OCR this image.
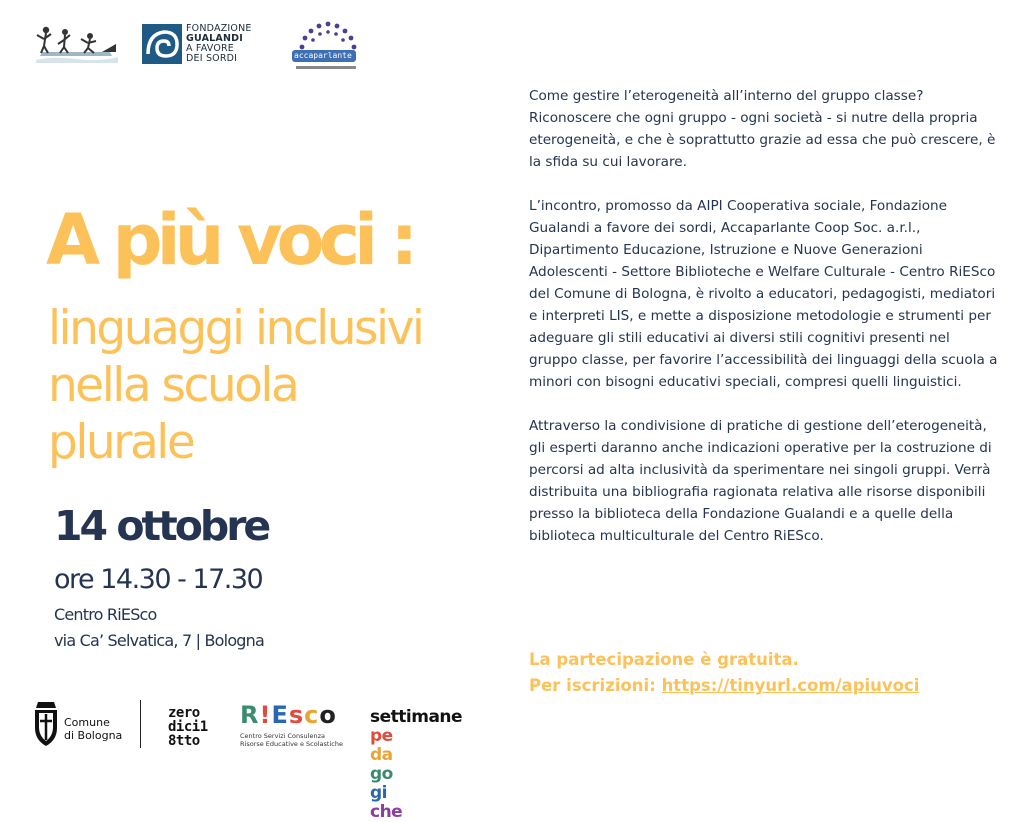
FONDAZIONE
GUALANDI
A FAVORE
DEI SORDI	accaparlante
A più voci :
linguaggi inclusivi
nella scuola
plurale
14 ottobre
ore 14.30 - 17.30
Centro RiESco
via Ca’ Selvatica, 7 | Bologna

Come gestire l’eterogeneità all’interno del gruppo classe? Riconoscere che ogni gruppo - ogni società - si nutre della propria eterogeneità, e che è soprattutto grazie ad essa che può crescere, è la sfida su cui lavorare.

L’incontro, promosso da AIPI Cooperativa sociale, Fondazione Gualandi a favore dei sordi, Accaparlante Coop Soc. a.r.l., Dipartimento Educazione, Istruzione e Nuove Generazioni Adolescenti - Settore Biblioteche e Welfare Culturale - Centro RiESco del Comune di Bologna, è rivolto a educatori, pedagogisti, mediatori e interpreti LIS, e mette a disposizione metodologie e strumenti per adeguare gli stili educativi ai diversi stili cognitivi presenti nel gruppo classe, per favorire l’accessibilità dei linguaggi della scuola a minori con bisogni educativi speciali, compresi quelli linguistici.

Attraverso la condivisione di pratiche di gestione dell’eterogeneità, gli esperti daranno anche indicazioni operative per la costruzione di percorsi ad alta inclusività da sperimentare nei singoli gruppi. Verrà distribuita una bibliografia ragionata relativa alle risorse disponibili presso la biblioteca della Fondazione Gualandi e a quelle della biblioteca multiculturale del Centro RiESco.

La partecipazione è gratuita.
Per iscrizioni: https://tinyurl.com/apiuvoci
Comune
di Bologna
zero
dici1
8tto
R!Esco
Centro Servizi Consulenza
Risorse Educative e Scolastiche
settimane
pe
da
go
gi
che
